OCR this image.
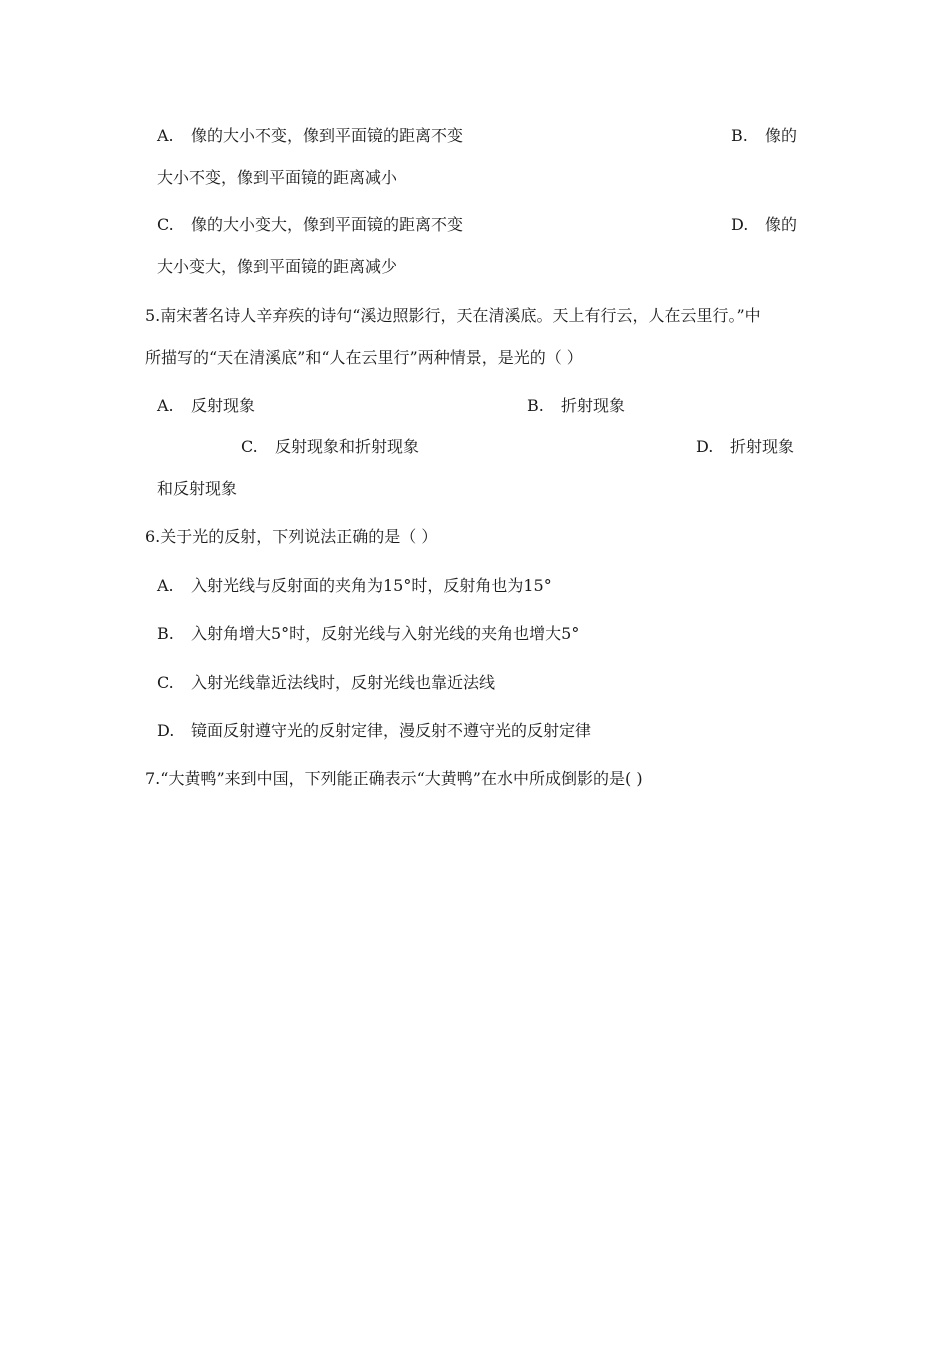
A. 像的大小不变，像到平面镜的距离不变	B. 像的

大小不变，像到平面镜的距离减小

C. 像的大小变大，像到平面镜的距离不变	D. 像的

大小变大，像到平面镜的距离减少

5.南宋著名诗人辛弃疾的诗句“溪边照影行，天在清溪底。天上有行云，人在云里行。”中

所描写的“天在清溪底”和“人在云里行”两种情景，是光的（ ）

A. 反射现象	B. 折射现象

C. 反射现象和折射现象	D. 折射现象

和反射现象

6.关于光的反射，下列说法正确的是（ ）

A. 入射光线与反射面的夹角为15°时，反射角也为15°

B. 入射角增大5°时，反射光线与入射光线的夹角也增大5°

C. 入射光线靠近法线时，反射光线也靠近法线

D. 镜面反射遵守光的反射定律，漫反射不遵守光的反射定律

7.“大黄鸭”来到中国，下列能正确表示“大黄鸭”在水中所成倒影的是( )
